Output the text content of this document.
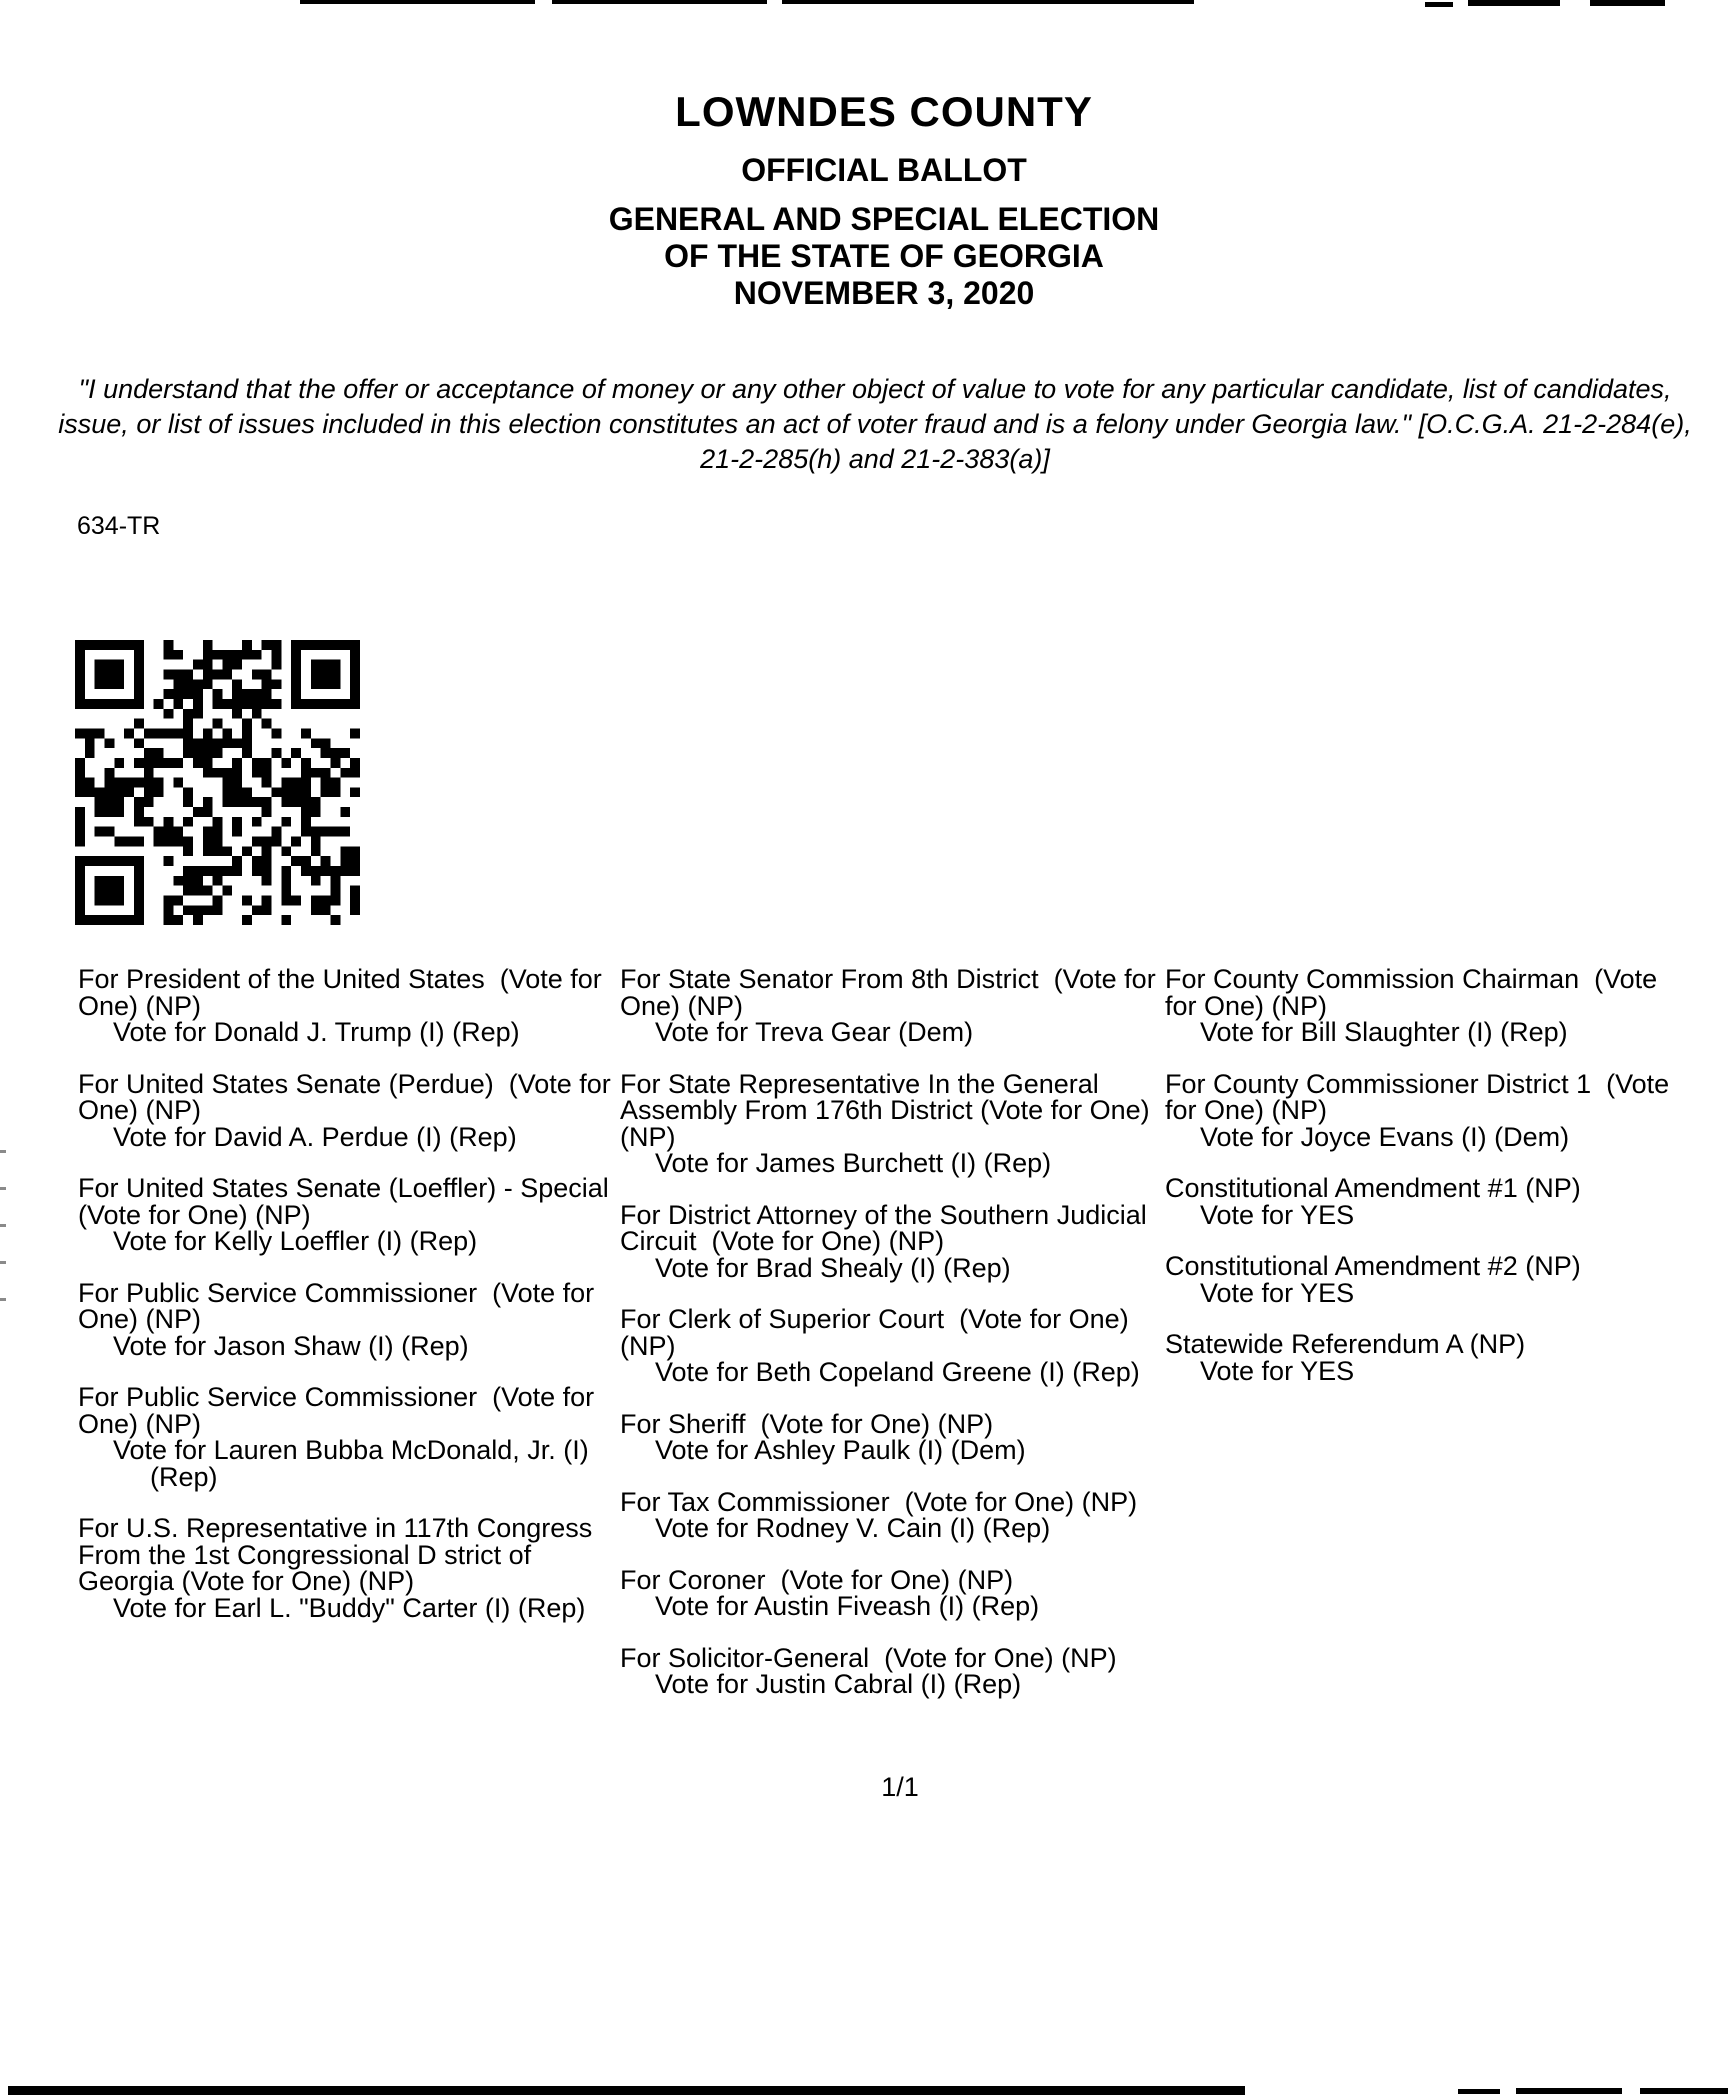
LOWNDES COUNTY
OFFICIAL BALLOT
GENERAL AND SPECIAL ELECTION
OF THE STATE OF GEORGIA
NOVEMBER 3, 2020
"I understand that the offer or acceptance of money or any other object of value to vote for any particular candidate, list of candidates, issue, or list of issues included in this election constitutes an act of voter fraud and is a felony under Georgia law." [O.C.G.A. 21-2-284(e), 21-2-285(h) and 21-2-383(a)]
634-TR
For President of the United States  (Vote for One) (NP)
Vote for Donald J. Trump (I) (Rep)
For United States Senate (Perdue)  (Vote for One) (NP)
Vote for David A. Perdue (I) (Rep)
For United States Senate (Loeffler) - Special  (Vote for One) (NP)
Vote for Kelly Loeffler (I) (Rep)
For Public Service Commissioner  (Vote for One) (NP)
Vote for Jason Shaw (I) (Rep)
For Public Service Commissioner  (Vote for One) (NP)
Vote for Lauren Bubba McDonald, Jr. (I) (Rep)
For U.S. Representative in 117th Congress From the 1st Congressional D strict of Georgia (Vote for One) (NP)
Vote for Earl L. "Buddy" Carter (I) (Rep)
For State Senator From 8th District  (Vote for One) (NP)
Vote for Treva Gear (Dem)
For State Representative In the General Assembly From 176th District (Vote for One) (NP)
Vote for James Burchett (I) (Rep)
For District Attorney of the Southern Judicial Circuit  (Vote for One) (NP)
Vote for Brad Shealy (I) (Rep)
For Clerk of Superior Court  (Vote for One) (NP)
Vote for Beth Copeland Greene (I) (Rep)
For Sheriff  (Vote for One) (NP)
Vote for Ashley Paulk (I) (Dem)
For Tax Commissioner  (Vote for One) (NP)
Vote for Rodney V. Cain (I) (Rep)
For Coroner  (Vote for One) (NP)
Vote for Austin Fiveash (I) (Rep)
For Solicitor-General  (Vote for One) (NP)
Vote for Justin Cabral (I) (Rep)
For County Commission Chairman  (Vote for One) (NP)
Vote for Bill Slaughter (I) (Rep)
For County Commissioner District 1  (Vote for One) (NP)
Vote for Joyce Evans (I) (Dem)
Constitutional Amendment #1 (NP)
Vote for YES
Constitutional Amendment #2 (NP)
Vote for YES
Statewide Referendum A (NP)
Vote for YES
1/1
